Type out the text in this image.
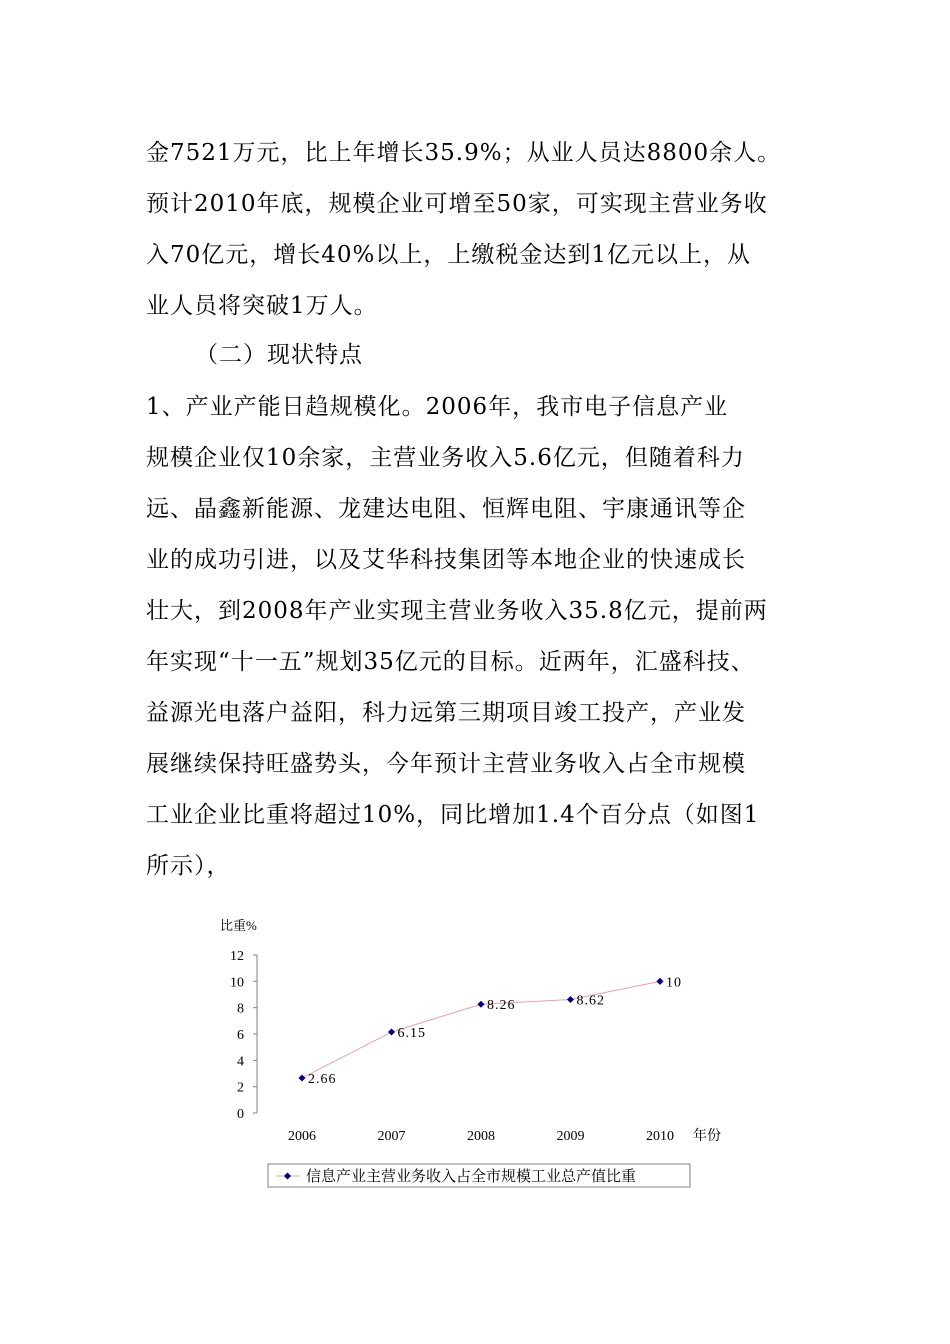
金7521万元，比上年增长35.9%；从业人员达8800余人。
预计2010年底，规模企业可增至50家，可实现主营业务收
入70亿元，增长40%以上，上缴税金达到1亿元以上，从
业人员将突破1万人。
（二）现状特点
1、产业产能日趋规模化。2006年，我市电子信息产业
规模企业仅10余家，主营业务收入5.6亿元，但随着科力
远、晶鑫新能源、龙建达电阻、恒辉电阻、宇康通讯等企
业的成功引进，以及艾华科技集团等本地企业的快速成长
壮大，到2008年产业实现主营业务收入35.8亿元，提前两
年实现“十一五”规划35亿元的目标。近两年，汇盛科技、
益源光电落户益阳，科力远第三期项目竣工投产，产业发
展继续保持旺盛势头，今年预计主营业务收入占全市规模
工业企业比重将超过10%，同比增加1.4个百分点（如图1
所示），
比重%
0
2
4
6
8
10
12
2006	2007	2008	2009	2010 年份
2.66
6.15
8.26	8.62
10
信息产业主营业务收入占全市规模工业总产值比重
